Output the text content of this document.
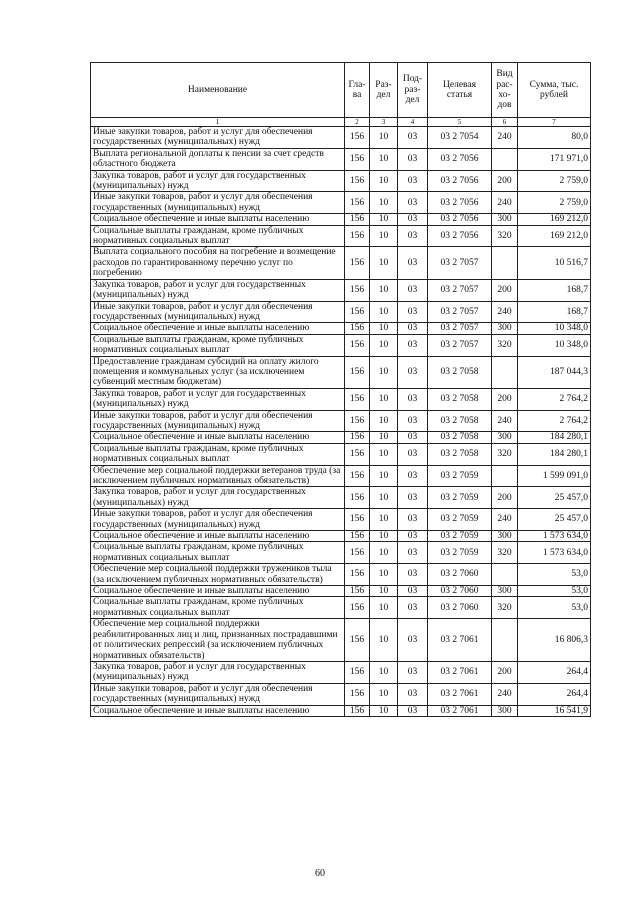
Наименование	Гла-ва	Раз-дел	Под-раз-дел	Целевая статья	Вид рас-хо-дов	Сумма, тыс. рублей
1	2	3	4	5	6	7
Иные закупки товаров, работ и услуг для обеспечения государственных (муниципальных) нужд	156	10	03	03 2 7054	240	80,0
Выплата региональной доплаты к пенсии за счет средств областного бюджета	156	10	03	03 2 7056		171 971,0
Закупка товаров, работ и услуг для государственных (муниципальных) нужд	156	10	03	03 2 7056	200	2 759,0
Иные закупки товаров, работ и услуг для обеспечения государственных (муниципальных) нужд	156	10	03	03 2 7056	240	2 759,0
Социальное обеспечение и иные выплаты населению	156	10	03	03 2 7056	300	169 212,0
Социальные выплаты гражданам, кроме публичных нормативных социальных выплат	156	10	03	03 2 7056	320	169 212,0
Выплата социального пособия на погребение и возмещение расходов по гарантированному перечню услуг по погребению	156	10	03	03 2 7057		10 516,7
Закупка товаров, работ и услуг для государственных (муниципальных) нужд	156	10	03	03 2 7057	200	168,7
Иные закупки товаров, работ и услуг для обеспечения государственных (муниципальных) нужд	156	10	03	03 2 7057	240	168,7
Социальное обеспечение и иные выплаты населению	156	10	03	03 2 7057	300	10 348,0
Социальные выплаты гражданам, кроме публичных нормативных социальных выплат	156	10	03	03 2 7057	320	10 348,0
Предоставление гражданам субсидий на оплату жилого помещения и коммунальных услуг (за исключением субвенций местным бюджетам)	156	10	03	03 2 7058		187 044,3
Закупка товаров, работ и услуг для государственных (муниципальных) нужд	156	10	03	03 2 7058	200	2 764,2
Иные закупки товаров, работ и услуг для обеспечения государственных (муниципальных) нужд	156	10	03	03 2 7058	240	2 764,2
Социальное обеспечение и иные выплаты населению	156	10	03	03 2 7058	300	184 280,1
Социальные выплаты гражданам, кроме публичных нормативных социальных выплат	156	10	03	03 2 7058	320	184 280,1
Обеспечение мер социальной поддержки ветеранов труда (за исключением публичных нормативных обязательств)	156	10	03	03 2 7059		1 599 091,0
Закупка товаров, работ и услуг для государственных (муниципальных) нужд	156	10	03	03 2 7059	200	25 457,0
Иные закупки товаров, работ и услуг для обеспечения государственных (муниципальных) нужд	156	10	03	03 2 7059	240	25 457,0
Социальное обеспечение и иные выплаты населению	156	10	03	03 2 7059	300	1 573 634,0
Социальные выплаты гражданам, кроме публичных нормативных социальных выплат	156	10	03	03 2 7059	320	1 573 634,0
Обеспечение мер социальной поддержки тружеников тыла (за исключением публичных нормативных обязательств)	156	10	03	03 2 7060		53,0
Социальное обеспечение и иные выплаты населению	156	10	03	03 2 7060	300	53,0
Социальные выплаты гражданам, кроме публичных нормативных социальных выплат	156	10	03	03 2 7060	320	53,0
Обеспечение мер социальной поддержки реабилитированных лиц и лиц, признанных пострадавшими от политических репрессий (за исключением публичных нормативных обязательств)	156	10	03	03 2 7061		16 806,3
Закупка товаров, работ и услуг для государственных (муниципальных) нужд	156	10	03	03 2 7061	200	264,4
Иные закупки товаров, работ и услуг для обеспечения государственных (муниципальных) нужд	156	10	03	03 2 7061	240	264,4
Социальное обеспечение и иные выплаты населению	156	10	03	03 2 7061	300	16 541,9
60
